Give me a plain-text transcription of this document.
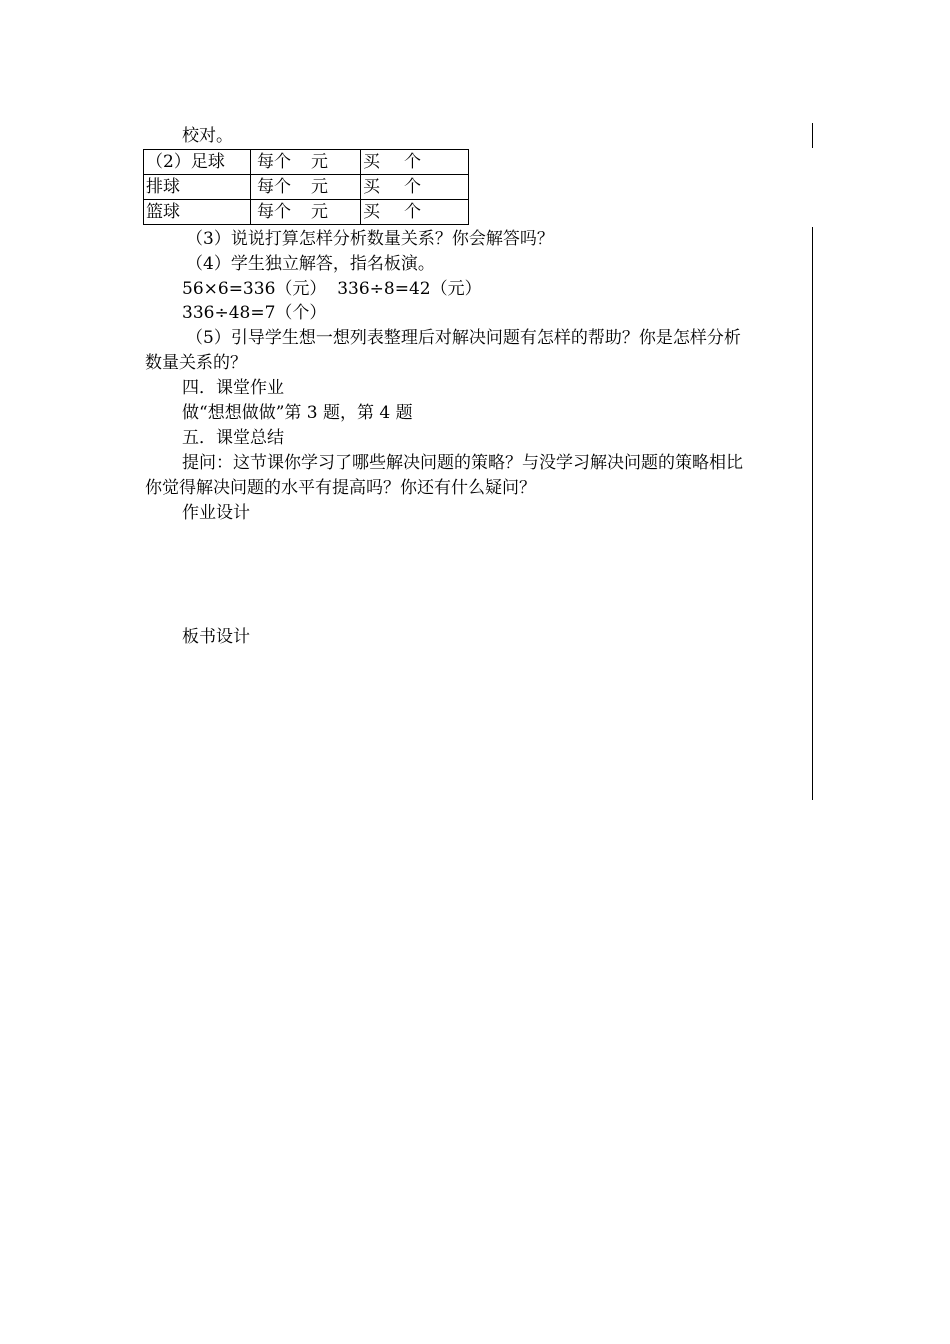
校对。
（2）足球	每个 元	买 个
排球	每个 元	买 个
篮球	每个 元	买 个
（3）说说打算怎样分析数量关系？你会解答吗？
（4）学生独立解答，指名板演。
56×6=336（元）  336÷8=42（元）
336÷48=7（个）
（5）引导学生想一想列表整理后对解决问题有怎样的帮助？你是怎样分析
数量关系的？
四．课堂作业
做“想想做做”第 3 题，第 4 题
五．课堂总结
提问：这节课你学习了哪些解决问题的策略？与没学习解决问题的策略相比
你觉得解决问题的水平有提高吗？你还有什么疑问？
作业设计
板书设计
